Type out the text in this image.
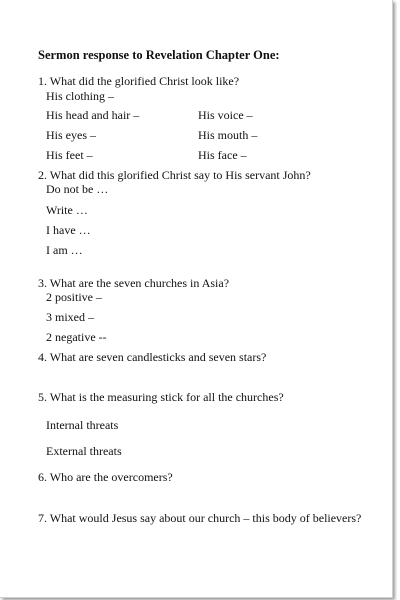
Sermon response to Revelation Chapter One:
1. What did the glorified Christ look like?
His clothing –
His head and hair –	His voice –
His eyes –	His mouth –
His feet –	His face –
2. What did this glorified Christ say to His servant John?
Do not be …
Write …
I have …
I am …
3. What are the seven churches in Asia?
2 positive –
3 mixed –
2 negative --
4. What are seven candlesticks and seven stars?
5. What is the measuring stick for all the churches?
Internal threats
External threats
6. Who are the overcomers?
7. What would Jesus say about our church – this body of believers?
